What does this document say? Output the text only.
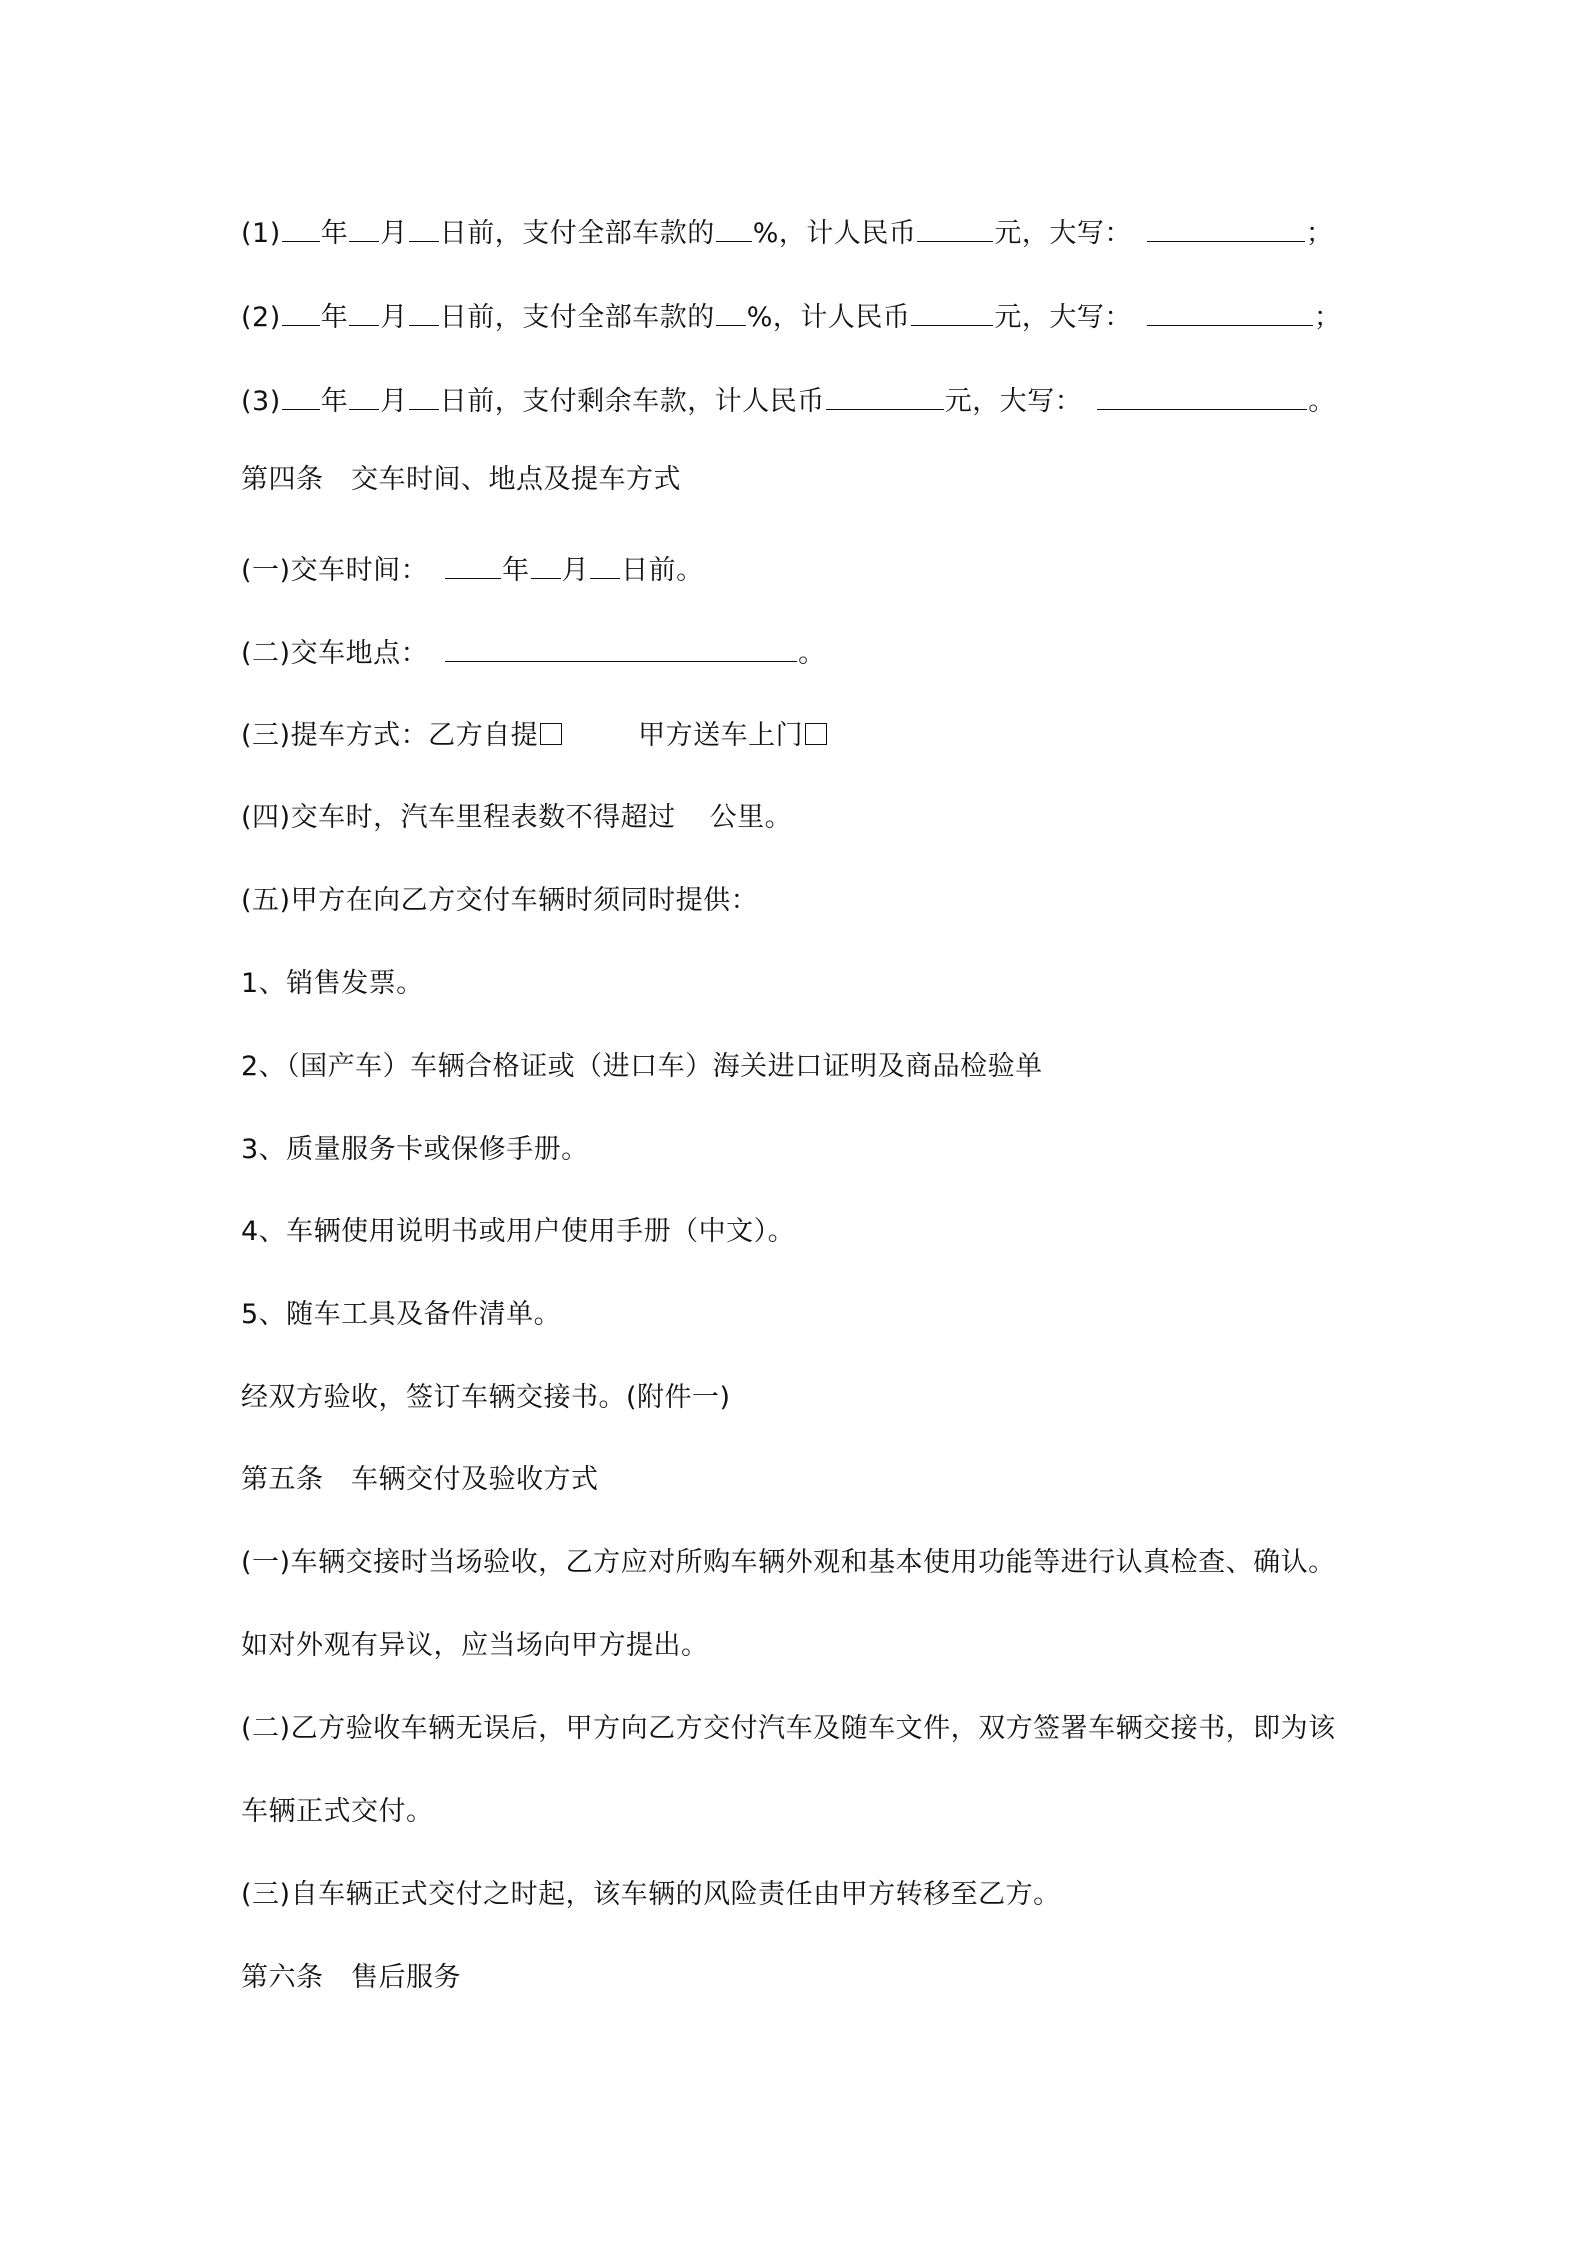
(1) 年 月 日前，支付全部车款的 %，计人民币	元，大写：	；
(2) 年 月 日前，支付全部车款的 %，计人民币	元，大写：	；
(3) 年 月 日前，支付剩余车款，计人民币	元，大写：	。
第四条　交车时间、地点及提车方式
(一)交车时间：	年 月 日前。
(二)交车地点：	。
(三)提车方式：乙方自提	甲方送车上门
(四)交车时，汽车里程表数不得超过 公里。
(五)甲方在向乙方交付车辆时须同时提供：
1、销售发票。
2、（国产车）车辆合格证或（进口车）海关进口证明及商品检验单
3、质量服务卡或保修手册。
4、车辆使用说明书或用户使用手册（中文）。
5、随车工具及备件清单。
经双方验收，签订车辆交接书。(附件一)
第五条　车辆交付及验收方式
(一)车辆交接时当场验收，乙方应对所购车辆外观和基本使用功能等进行认真检查、确认。
如对外观有异议，应当场向甲方提出。
(二)乙方验收车辆无误后，甲方向乙方交付汽车及随车文件，双方签署车辆交接书，即为该
车辆正式交付。
(三)自车辆正式交付之时起，该车辆的风险责任由甲方转移至乙方。
第六条　售后服务
